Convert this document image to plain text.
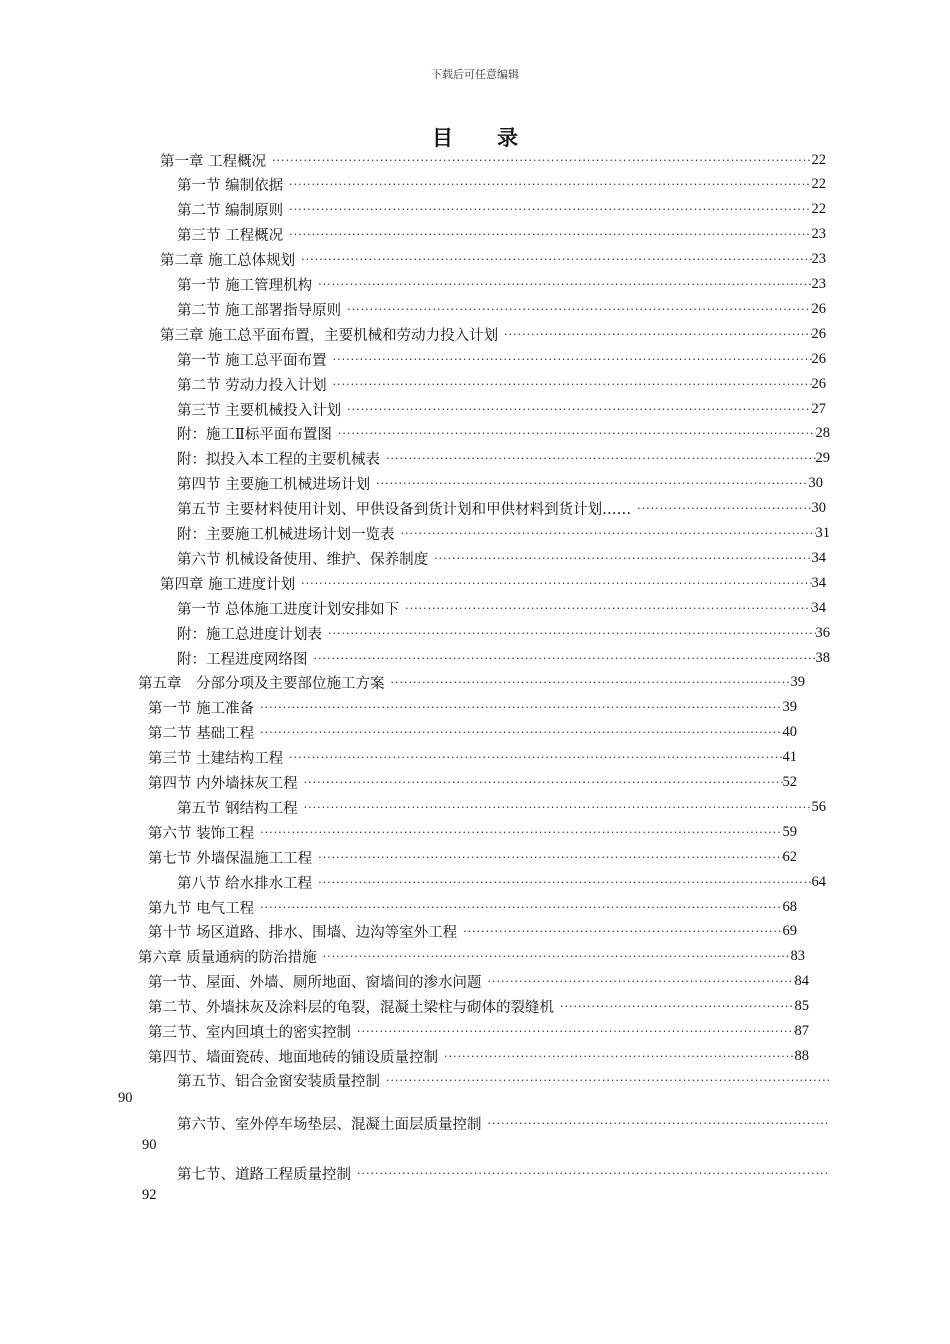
下载后可任意编辑
目 录
第一章 工程概况 ·····	22
第一节 编制依据 ·····	22
第二节 编制原则 ·····	22
第三节 工程概况 ·····	23
第二章 施工总体规划 ·····	23
第一节 施工管理机构 ·····	23
第二节 施工部署指导原则 ·····	26
第三章 施工总平面布置，主要机械和劳动力投入计划 ·····	26
第一节 施工总平面布置 ·····	26
第二节 劳动力投入计划 ·····	26
第三节 主要机械投入计划 ·····	27
附：施工Ⅱ标平面布置图 ·····	28
附：拟投入本工程的主要机械表 ·····	29
第四节 主要施工机械进场计划 ·····	30
第五节 主要材料使用计划、甲供设备到货计划和甲供材料到货计划…… ·····	30
附：主要施工机械进场计划一览表 ·····	31
第六节 机械设备使用、维护、保养制度 ·····	34
第四章 施工进度计划 ·····	34
第一节 总体施工进度计划安排如下 ·····	34
附：施工总进度计划表 ·····	36
附：工程进度网络图 ·····	38
第五章　分部分项及主要部位施工方案 ·····	39
第一节 施工准备 ·····	39
第二节 基础工程 ·····	40
第三节 土建结构工程 ·····	41
第四节 内外墙抹灰工程 ·····	52
第五节 钢结构工程 ·····	56
第六节 装饰工程 ·····	59
第七节 外墙保温施工工程 ·····	62
第八节 给水排水工程 ·····	64
第九节 电气工程 ·····	68
第十节 场区道路、排水、围墙、边沟等室外工程 ·····	69
第六章 质量通病的防治措施 ·····	83
第一节、屋面、外墙、厕所地面、窗墙间的渗水问题 ·····	84
第二节、外墙抹灰及涂料层的龟裂，混凝土梁柱与砌体的裂缝机 ·····	85
第三节、室内回填土的密实控制 ·····	87
第四节、墙面瓷砖、地面地砖的铺设质量控制 ·····	88
第五节、铝合金窗安装质量控制
·····
90
第六节、室外停车场垫层、混凝土面层质量控制
·····
90
第七节、道路工程质量控制
·····
92
